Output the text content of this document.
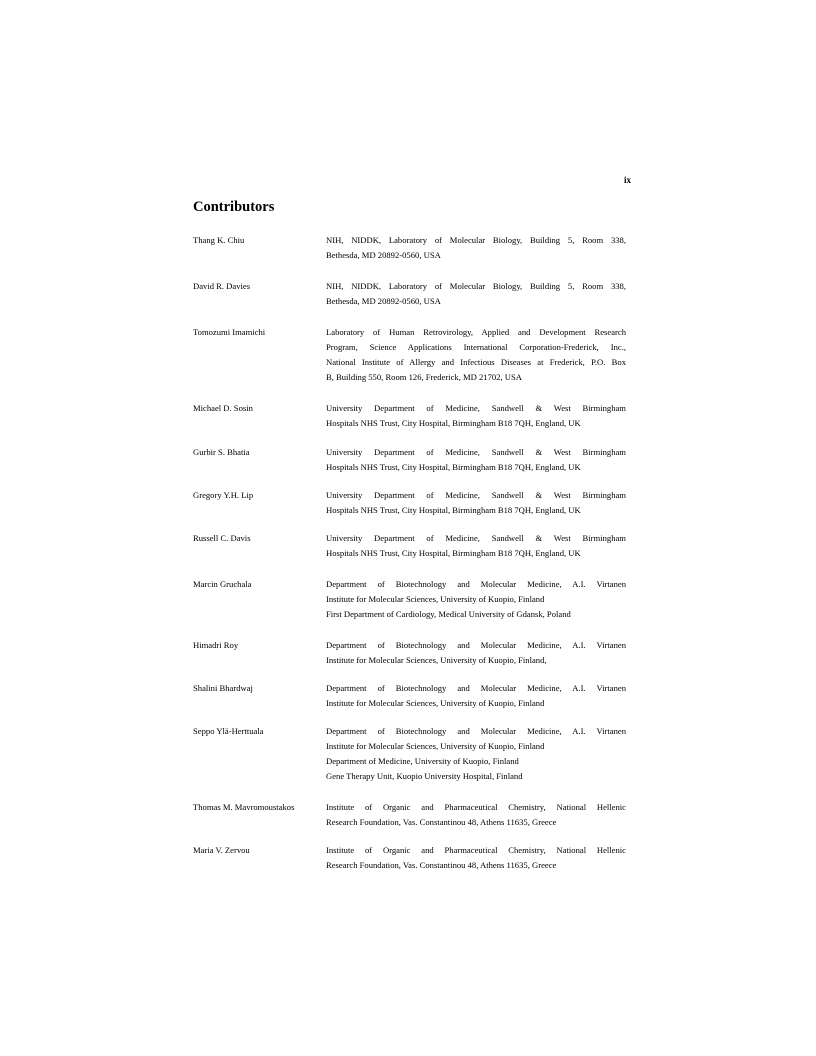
ix
Contributors
Thang K. Chiu	NIH, NIDDK, Laboratory of Molecular Biology, Building 5, Room 338,
Bethesda, MD 20892-0560, USA
David R. Davies	NIH, NIDDK, Laboratory of Molecular Biology, Building 5, Room 338,
Bethesda, MD 20892-0560, USA
Tomozumi Imamichi	Laboratory of Human Retrovirology, Applied and Development Research
Program, Science Applications International Corporation-Frederick, Inc.,
National Institute of Allergy and Infectious Diseases at Frederick, P.O. Box
B, Building 550, Room 126, Frederick, MD 21702, USA
Michael D. Sosin	University Department of Medicine, Sandwell & West Birmingham
Hospitals NHS Trust, City Hospital, Birmingham B18 7QH, England, UK
Gurbir S. Bhatia	University Department of Medicine, Sandwell & West Birmingham
Hospitals NHS Trust, City Hospital, Birmingham B18 7QH, England, UK
Gregory Y.H. Lip	University Department of Medicine, Sandwell & West Birmingham
Hospitals NHS Trust, City Hospital, Birmingham B18 7QH, England, UK
Russell C. Davis	University Department of Medicine, Sandwell & West Birmingham
Hospitals NHS Trust, City Hospital, Birmingham B18 7QH, England, UK
Marcin Gruchala	Department of Biotechnology and Molecular Medicine, A.I. Virtanen
Institute for Molecular Sciences, University of Kuopio, Finland
First Department of Cardiology, Medical University of Gdansk, Poland
Himadri Roy	Department of Biotechnology and Molecular Medicine, A.I. Virtanen
Institute for Molecular Sciences, University of Kuopio, Finland,
Shalini Bhardwaj	Department of Biotechnology and Molecular Medicine, A.I. Virtanen
Institute for Molecular Sciences, University of Kuopio, Finland
Seppo Ylä-Herttuala	Department of Biotechnology and Molecular Medicine, A.I. Virtanen
Institute for Molecular Sciences, University of Kuopio, Finland
Department of Medicine, University of Kuopio, Finland
Gene Therapy Unit, Kuopio University Hospital, Finland
Thomas M. Mavromoustakos	Institute of Organic and Pharmaceutical Chemistry, National Hellenic
Research Foundation, Vas. Constantinou 48, Athens 11635, Greece
Maria V. Zervou	Institute of Organic and Pharmaceutical Chemistry, National Hellenic
Research Foundation, Vas. Constantinou 48, Athens 11635, Greece
